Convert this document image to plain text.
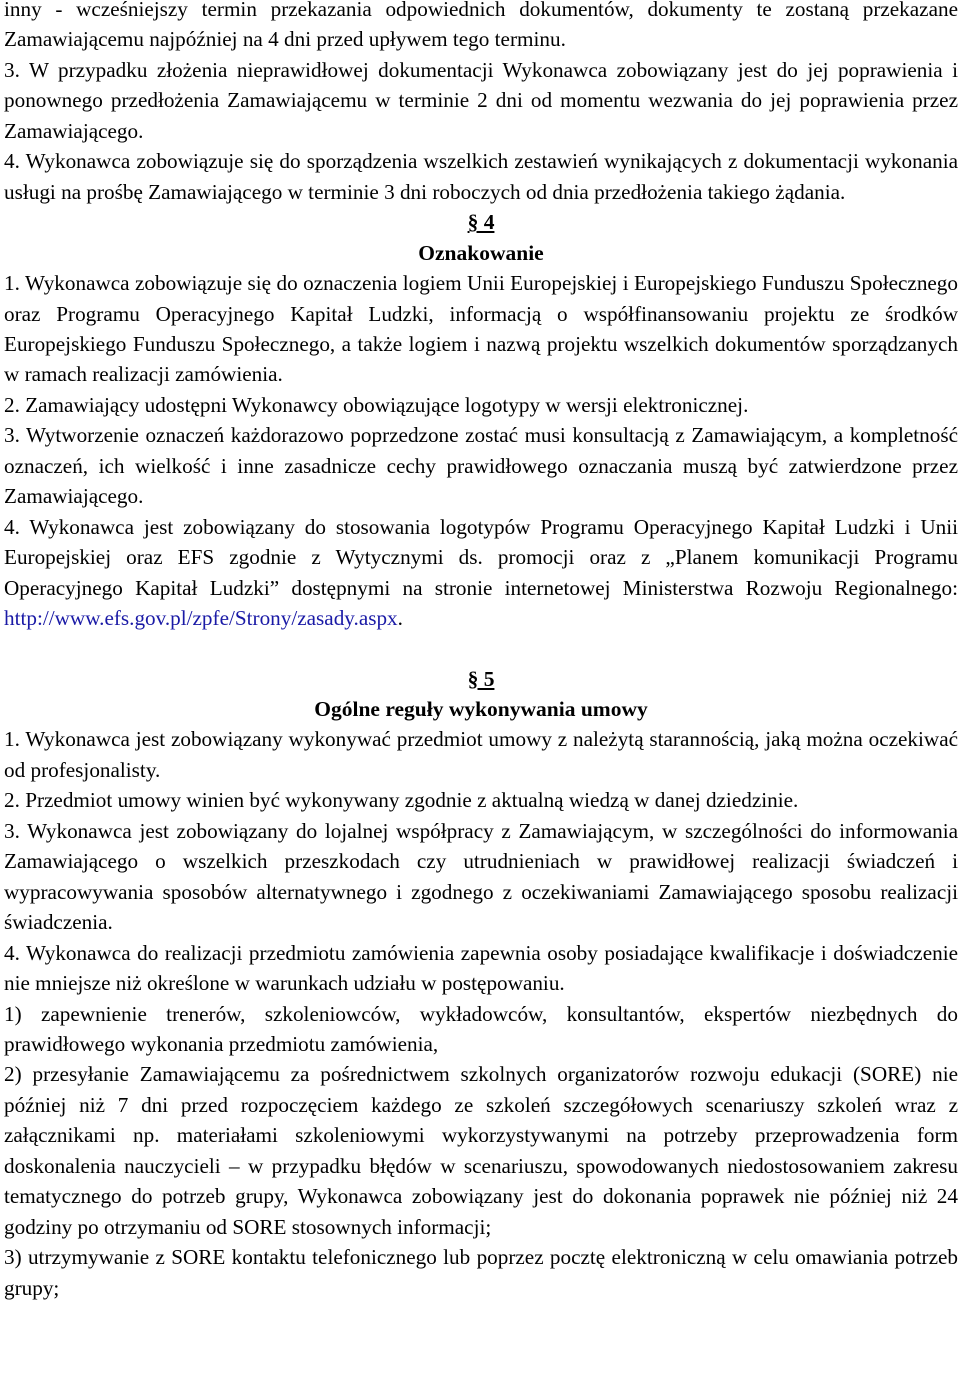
inny - wcześniejszy termin przekazania odpowiednich dokumentów, dokumenty te zostaną przekazane Zamawiającemu najpóźniej na 4 dni przed upływem tego terminu.

3. W przypadku złożenia nieprawidłowej dokumentacji Wykonawca zobowiązany jest do jej poprawienia i ponownego przedłożenia Zamawiającemu w terminie 2 dni od momentu wezwania do jej poprawienia przez Zamawiającego.

4. Wykonawca zobowiązuje się do sporządzenia wszelkich zestawień wynikających z dokumentacji wykonania usługi na prośbę Zamawiającego w terminie 3 dni roboczych od dnia przedłożenia takiego żądania.

§ 4

Oznakowanie

1. Wykonawca zobowiązuje się do oznaczenia logiem Unii Europejskiej i Europejskiego Funduszu Społecznego oraz Programu Operacyjnego Kapitał Ludzki, informacją o współfinansowaniu projektu ze środków Europejskiego Funduszu Społecznego, a także logiem i nazwą projektu wszelkich dokumentów sporządzanych w ramach realizacji zamówienia.

2. Zamawiający udostępni Wykonawcy obowiązujące logotypy w wersji elektronicznej.

3. Wytworzenie oznaczeń każdorazowo poprzedzone zostać musi konsultacją z Zamawiającym, a kompletność oznaczeń, ich wielkość i inne zasadnicze cechy prawidłowego oznaczania muszą być zatwierdzone przez Zamawiającego.

4. Wykonawca jest zobowiązany do stosowania logotypów Programu Operacyjnego Kapitał Ludzki i Unii Europejskiej oraz EFS zgodnie z Wytycznymi ds. promocji oraz z „Planem komunikacji Programu Operacyjnego Kapitał Ludzki” dostępnymi na stronie internetowej Ministerstwa Rozwoju Regionalnego: http://www.efs.gov.pl/zpfe/Strony/zasady.aspx.

§ 5

Ogólne reguły wykonywania umowy

1. Wykonawca jest zobowiązany wykonywać przedmiot umowy z należytą starannością, jaką można oczekiwać od profesjonalisty.

2. Przedmiot umowy winien być wykonywany zgodnie z aktualną wiedzą w danej dziedzinie.

3. Wykonawca jest zobowiązany do lojalnej współpracy z Zamawiającym, w szczególności do informowania Zamawiającego o wszelkich przeszkodach czy utrudnieniach w prawidłowej realizacji świadczeń i wypracowywania sposobów alternatywnego i zgodnego z oczekiwaniami Zamawiającego sposobu realizacji świadczenia.

4. Wykonawca do realizacji przedmiotu zamówienia zapewnia osoby posiadające kwalifikacje i doświadczenie nie mniejsze niż określone w warunkach udziału w postępowaniu.

1) zapewnienie trenerów, szkoleniowców, wykładowców, konsultantów, ekspertów niezbędnych do prawidłowego wykonania przedmiotu zamówienia,

2) przesyłanie Zamawiającemu za pośrednictwem szkolnych organizatorów rozwoju edukacji (SORE) nie później niż 7 dni przed rozpoczęciem każdego ze szkoleń szczegółowych scenariuszy szkoleń wraz z załącznikami np. materiałami szkoleniowymi wykorzystywanymi na potrzeby przeprowadzenia form doskonalenia nauczycieli – w przypadku błędów w scenariuszu, spowodowanych niedostosowaniem zakresu tematycznego do potrzeb grupy, Wykonawca zobowiązany jest do dokonania poprawek nie później niż 24 godziny po otrzymaniu od SORE stosownych informacji;

3) utrzymywanie z SORE kontaktu telefonicznego lub poprzez pocztę elektroniczną w celu omawiania potrzeb grupy;
